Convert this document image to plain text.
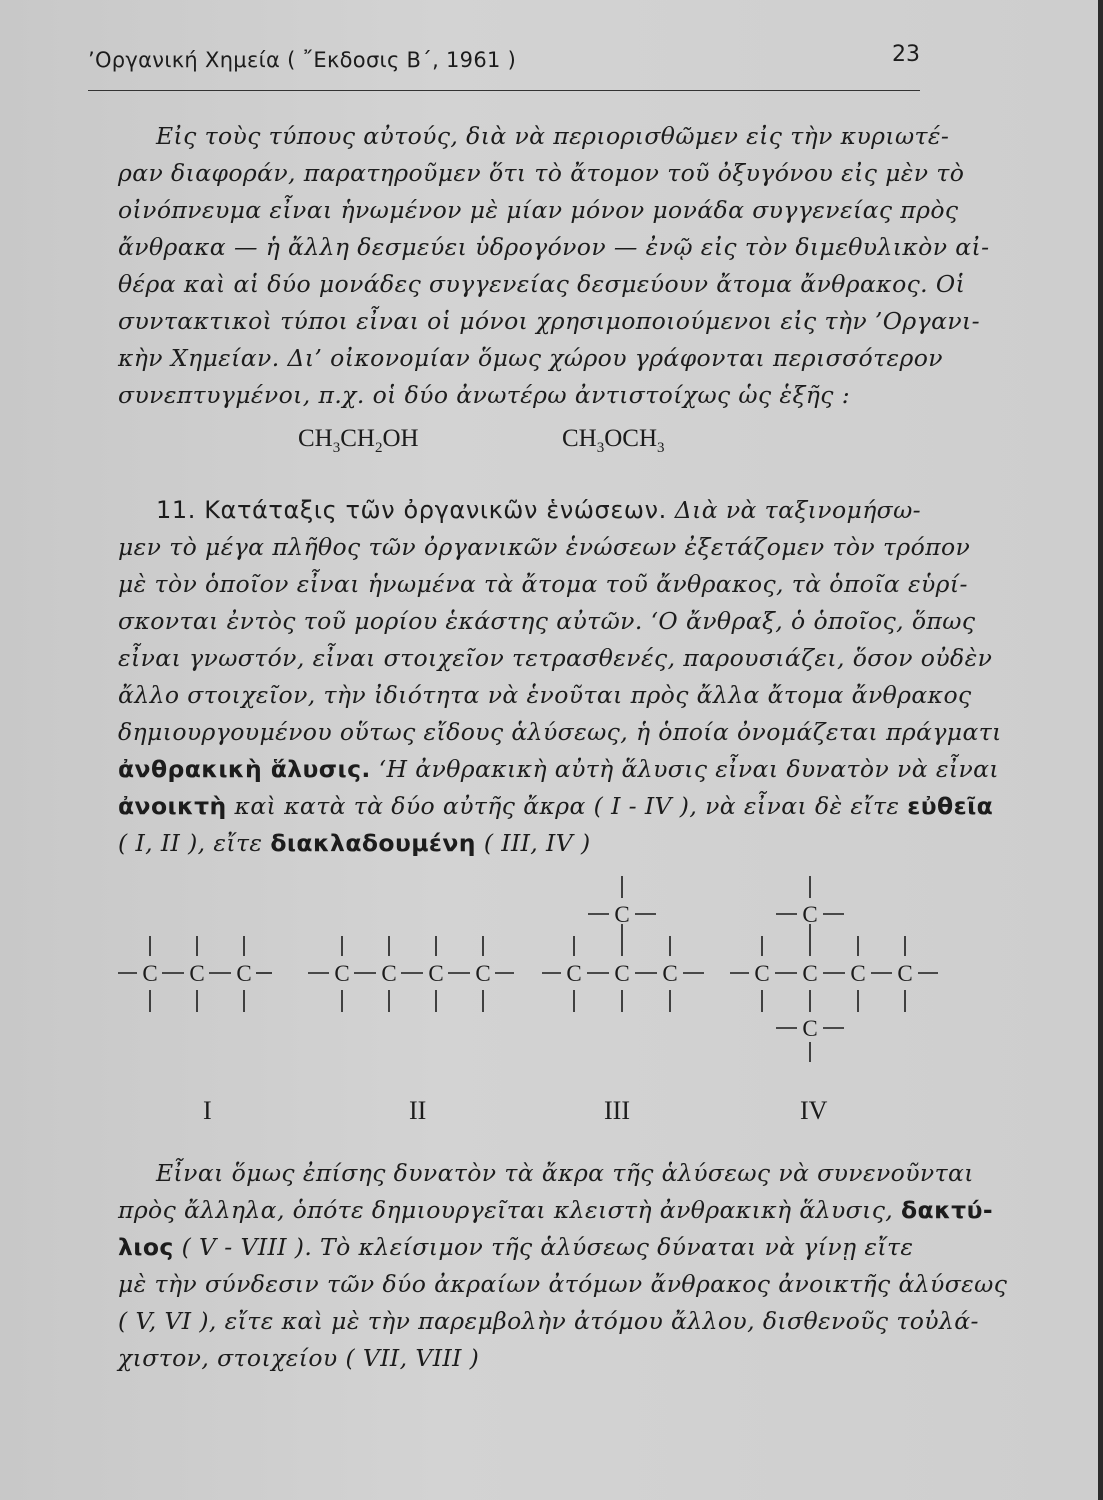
’Οργανική Χημεία ( ῎Εκδοσις Β΄, 1961 )	23
Εἰς τοὺς τύπους αὐτούς, διὰ νὰ περιορισθῶμεν εἰς τὴν κυριωτέ-
ραν διαφοράν, παρατηροῦμεν ὅτι τὸ ἄτομον τοῦ ὀξυγόνου εἰς μὲν τὸ
οἰνόπνευμα εἶναι ἡνωμένον μὲ μίαν μόνον μονάδα συγγενείας πρὸς
ἄνθρακα — ἡ ἄλλη δεσμεύει ὑδρογόνον — ἐνῷ εἰς τὸν διμεθυλικὸν αἰ-
θέρα καὶ αἱ δύο μονάδες συγγενείας δεσμεύουν ἄτομα ἄνθρακος. Οἱ
συντακτικοὶ τύποι εἶναι οἱ μόνοι χρησιμοποιούμενοι εἰς τὴν ’Οργανι-
κὴν Χημείαν. Δι’ οἰκονομίαν ὅμως χώρου γράφονται περισσότερον
συνεπτυγμένοι, π.χ. οἱ δύο ἀνωτέρω ἀντιστοίχως ὡς ἑξῆς :
$CH_3CH_2OH$	$CH_3OCH_3$
11. Κατάταξις τῶν ὀργανικῶν ἑνώσεων. Διὰ νὰ ταξινομήσω-
μεν τὸ μέγα πλῆθος τῶν ὀργανικῶν ἑνώσεων ἐξετάζομεν τὸν τρόπον
μὲ τὸν ὁποῖον εἶναι ἡνωμένα τὰ ἄτομα τοῦ ἄνθρακος, τὰ ὁποῖα εὑρί-
σκονται ἐντὸς τοῦ μορίου ἑκάστης αὐτῶν. ‘Ο ἄνθραξ, ὁ ὁποῖος, ὅπως
εἶναι γνωστόν, εἶναι στοιχεῖον τετρασθενές, παρουσιάζει, ὅσον οὐδὲν
ἄλλο στοιχεῖον, τὴν ἰδιότητα νὰ ἑνοῦται πρὸς ἄλλα ἄτομα ἄνθρακος
δημιουργουμένου οὕτως εἴδους ἁλύσεως, ἡ ὁποία ὀνομάζεται πράγματι
ἀνθρακικὴ ἅλυσις. ‘Η ἀνθρακικὴ αὐτὴ ἅλυσις εἶναι δυνατὸν νὰ εἶναι
ἀνοικτὴ καὶ κατὰ τὰ δύο αὐτῆς ἄκρα ( I - IV ), νὰ εἶναι δὲ εἴτε εὐθεῖα
( I, II ), εἴτε διακλαδουμένη ( III, IV )
C C C	C C C C	C C C
C
C C C C
C
C
I	II	III	IV
Εἶναι ὅμως ἐπίσης δυνατὸν τὰ ἄκρα τῆς ἁλύσεως νὰ συνενοῦνται
πρὸς ἄλληλα, ὁπότε δημιουργεῖται κλειστὴ ἀνθρακικὴ ἅλυσις, δακτύ-
λιος ( V - VIII ). Τὸ κλείσιμον τῆς ἁλύσεως δύναται νὰ γίνῃ εἴτε
μὲ τὴν σύνδεσιν τῶν δύο ἀκραίων ἀτόμων ἄνθρακος ἀνοικτῆς ἁλύσεως
( V, VI ), εἴτε καὶ μὲ τὴν παρεμβολὴν ἀτόμου ἄλλου, δισθενοῦς τοὐλά-
χιστον, στοιχείου ( VII, VIII )
